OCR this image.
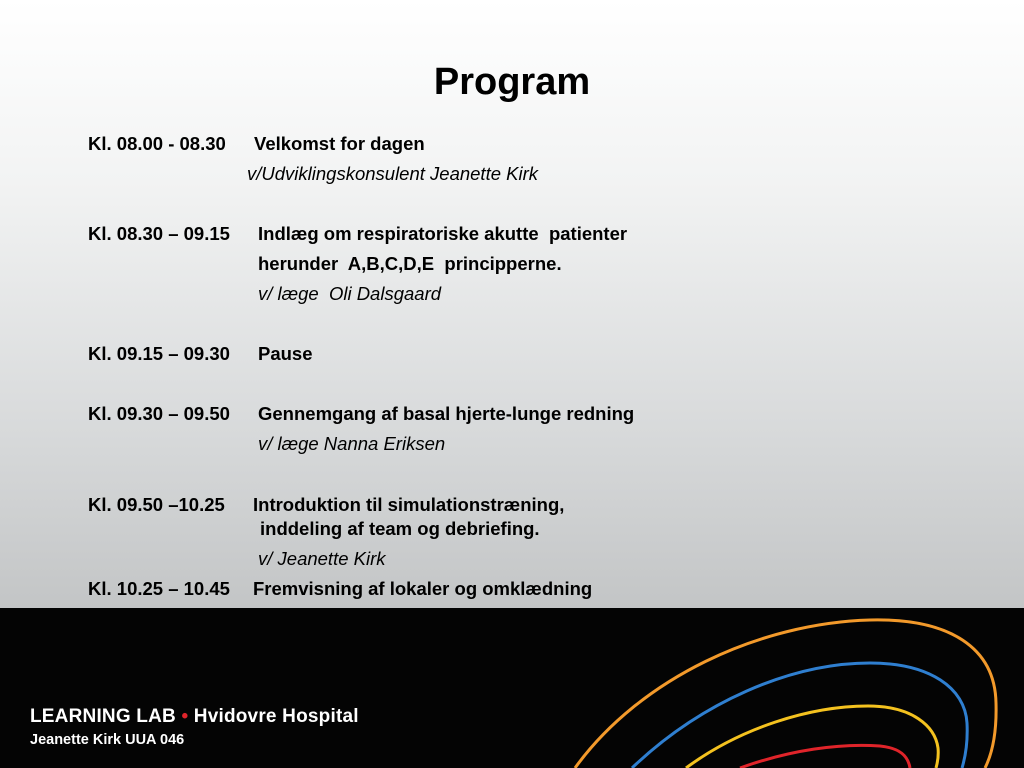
Program
Kl. 08.00 - 08.30 Velkomst for dagen
v/Udviklingskonsulent Jeanette Kirk
Kl. 08.30 – 09.15 Indlæg om respiratoriske akutte  patienter
herunder  A,B,C,D,E  principperne.
v/ læge  Oli Dalsgaard
Kl. 09.15 – 09.30 Pause
Kl. 09.30 – 09.50 Gennemgang af basal hjerte-lunge redning
v/ læge Nanna Eriksen
Kl. 09.50 –10.25 Introduktion til simulationstræning,
inddeling af team og debriefing.
v/ Jeanette Kirk
Kl. 10.25 – 10.45 Fremvisning af lokaler og omklædning
LEARNING LAB • Hvidovre Hospital
Jeanette Kirk UUA 046
